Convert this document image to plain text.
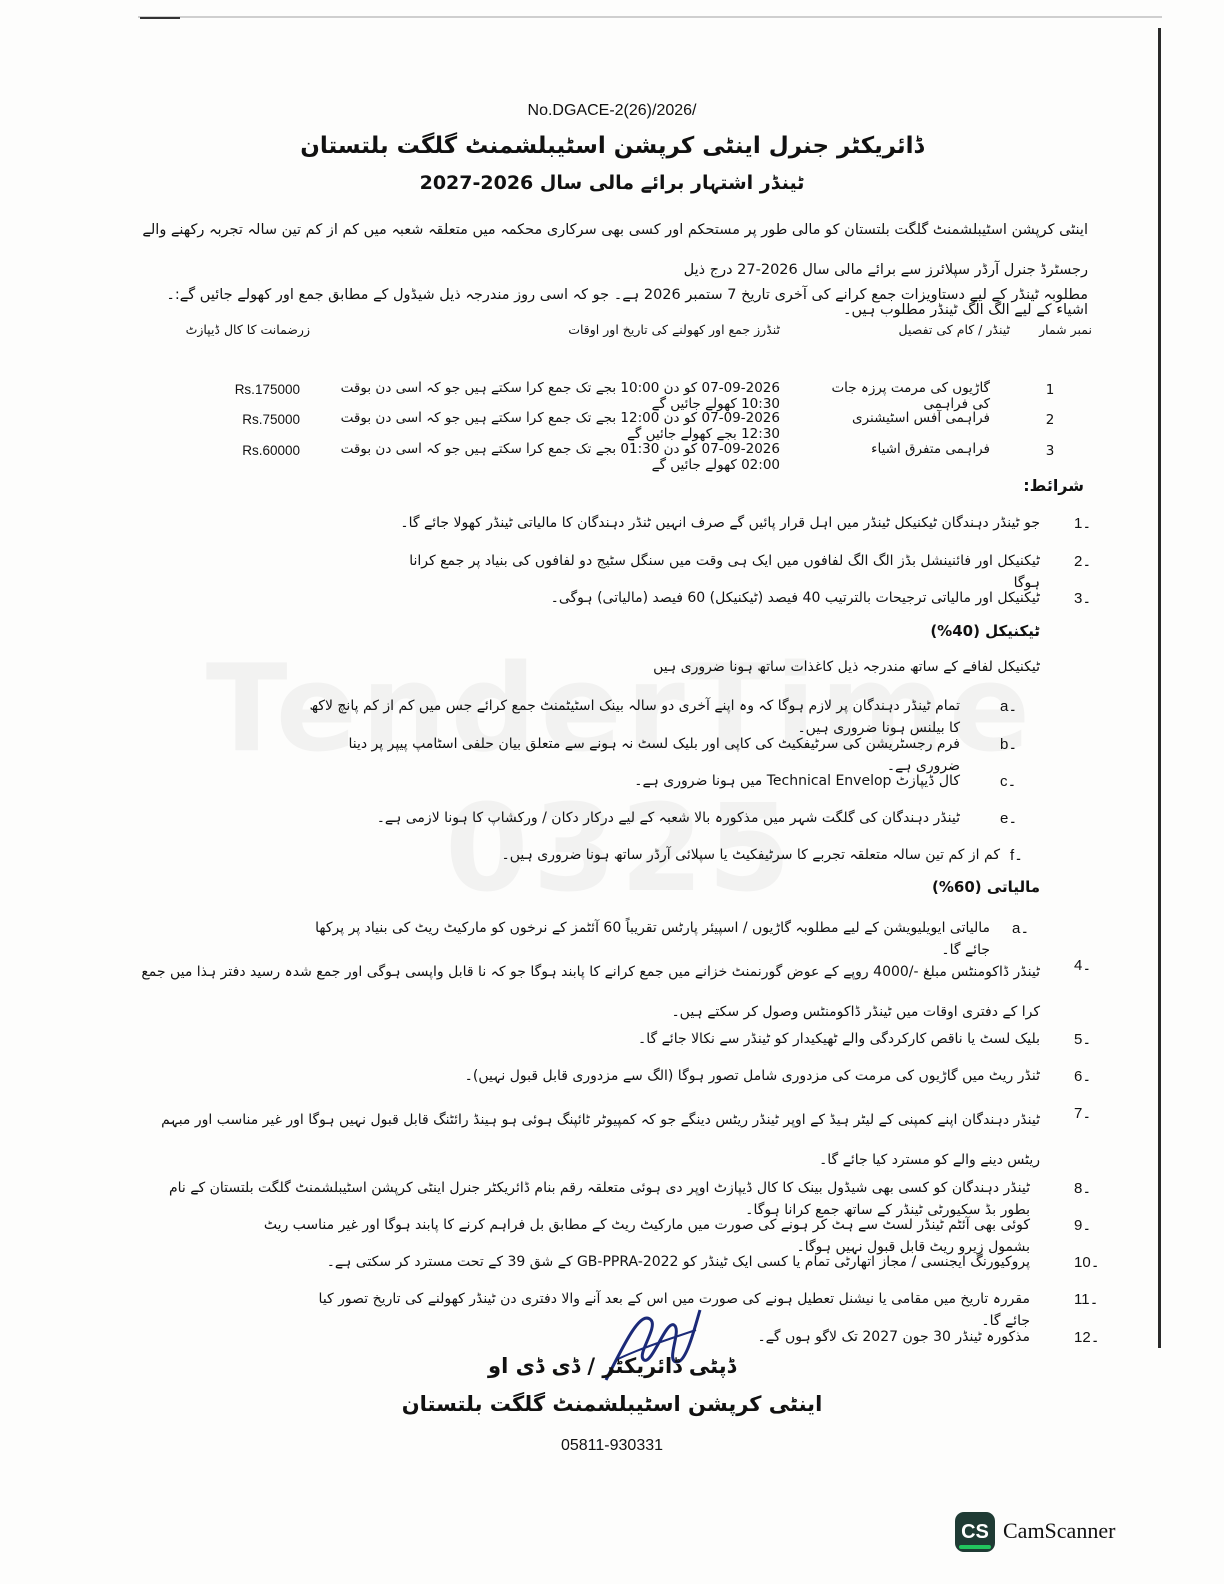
No.DGACE-2(26)/2026/
ڈائریکٹر جنرل اینٹی کرپشن اسٹیبلشمنٹ گلگت بلتستان
ٹینڈر اشتہار برائے مالی سال 2026-2027
اینٹی کرپشن اسٹیبلشمنٹ گلگت بلتستان کو مالی طور پر مستحکم اور کسی بھی سرکاری محکمہ میں متعلقہ شعبہ میں کم از کم تین سالہ تجربہ رکھنے والے رجسٹرڈ جنرل آرڈر سپلائرز سے برائے مالی سال 2026-27 درج ذیل
اشیاء کے لیے الگ الگ ٹینڈر مطلوب ہیں۔
مطلوبہ ٹینڈر کے لیے دستاویزات جمع کرانے کی آخری تاریخ 7 ستمبر 2026 ہے۔ جو کہ اسی روز مندرجہ ذیل شیڈول کے مطابق جمع اور کھولے جائیں گے:۔
نمبر شمار
ٹینڈر / کام کی تفصیل
ٹنڈرز جمع اور کھولنے کی تاریخ اور اوقات
زرضمانت کا کال ڈیپازٹ
1
گاڑیوں کی مرمت پرزہ جات کی فراہمی
07-09-2026 کو دن 10:00 بجے تک جمع کرا سکتے ہیں جو کہ اسی دن بوقت 10:30 کھولے جائیں گے
Rs.175000
2
فراہمی آفس اسٹیشنری
07-09-2026 کو دن 12:00 بجے تک جمع کرا سکتے ہیں جو کہ اسی دن بوقت 12:30 بجے کھولے جائیں گے
Rs.75000
3
فراہمی متفرق اشیاء
07-09-2026 کو دن 01:30 بجے تک جمع کرا سکتے ہیں جو کہ اسی دن بوقت 02:00 کھولے جائیں گے
Rs.60000
شرائط:
1۔
جو ٹینڈر دہندگان ٹیکنیکل ٹینڈر میں اہل قرار پائیں گے صرف انہیں ٹنڈر دہندگان کا مالیاتی ٹینڈر کھولا جائے گا۔
2۔
ٹیکنیکل اور فائنینشل بڈز الگ الگ لفافوں میں ایک ہی وقت میں سنگل سٹیج دو لفافوں کی بنیاد پر جمع کرانا ہوگا
3۔
ٹیکنیکل اور مالیاتی ترجیحات بالترتیب 40 فیصد (ٹیکنیکل) 60 فیصد (مالیاتی) ہوگی۔
ٹیکنیکل (40%)
ٹیکنیکل لفافے کے ساتھ مندرجہ ذیل کاغذات ساتھ ہونا ضروری ہیں
a۔
تمام ٹینڈر دہندگان پر لازم ہوگا کہ وہ اپنے آخری دو سالہ بینک اسٹیٹمنٹ جمع کرائے جس میں کم از کم پانچ لاکھ کا بیلنس ہونا ضروری ہیں۔
b۔
فرم رجسٹریشن کی سرٹیفکیٹ کی کاپی اور بلیک لسٹ نہ ہونے سے متعلق بیان حلفی اسٹامپ پیپر پر دینا ضروری ہے۔
c۔
کال ڈیپازٹ Technical Envelop میں ہونا ضروری ہے۔
e۔
ٹینڈر دہندگان کی گلگت شہر میں مذکورہ بالا شعبہ کے لیے درکار دکان / ورکشاپ کا ہونا لازمی ہے۔
f۔
کم از کم تین سالہ متعلقہ تجربے کا سرٹیفکیٹ یا سپلائی آرڈر ساتھ ہونا ضروری ہیں۔
مالیاتی (60%)
a۔
مالیاتی ایویلیویشن کے لیے مطلوبہ گاڑیوں / اسپیئر پارٹس تقریباً 60 آئٹمز کے نرخوں کو مارکیٹ ریٹ کی بنیاد پر پرکھا جائے گا۔
4۔
ٹینڈر ڈاکومنٹس مبلغ -/4000 روپے کے عوض گورنمنٹ خزانے میں جمع کرانے کا پابند ہوگا جو کہ نا قابل واپسی ہوگی اور جمع شدہ رسید دفتر ہذا میں جمع کرا کے دفتری اوقات میں ٹینڈر ڈاکومنٹس وصول کر سکتے ہیں۔
5۔
بلیک لسٹ یا ناقص کارکردگی والے ٹھیکیدار کو ٹینڈر سے نکالا جائے گا۔
6۔
ٹنڈر ریٹ میں گاڑیوں کی مرمت کی مزدوری شامل تصور ہوگا (الگ سے مزدوری قابل قبول نہیں)۔
7۔
ٹینڈر دہندگان اپنے کمپنی کے لیٹر ہیڈ کے اوپر ٹینڈر ریٹس دینگے جو کہ کمپیوٹر ٹائپنگ ہوئی ہو ہینڈ رائٹنگ قابل قبول نہیں ہوگا اور غیر مناسب اور مبہم ریٹس دینے والے کو مسترد کیا جائے گا۔
8۔
ٹینڈر دہندگان کو کسی بھی شیڈول بینک کا کال ڈیپازٹ اوپر دی ہوئی متعلقہ رقم بنام ڈائریکٹر جنرل اینٹی کرپشن اسٹیبلشمنٹ گلگت بلتستان کے نام بطور بڈ سکیورٹی ٹینڈر کے ساتھ جمع کرانا ہوگا۔
9۔
کوئی بھی آئٹم ٹینڈر لسٹ سے ہٹ کر ہونے کی صورت میں مارکیٹ ریٹ کے مطابق بل فراہم کرنے کا پابند ہوگا اور غیر مناسب ریٹ بشمول زیرو ریٹ قابل قبول نہیں ہوگا۔
10۔
پروکیورنگ ایجنسی / مجاز اتھارٹی تمام یا کسی ایک ٹینڈر کو GB-PPRA-2022 کے شق 39 کے تحت مسترد کر سکتی ہے۔
11۔
مقررہ تاریخ میں مقامی یا نیشنل تعطیل ہونے کی صورت میں اس کے بعد آنے والا دفتری دن ٹینڈر کھولنے کی تاریخ تصور کیا جائے گا۔
12۔
مذکورہ ٹینڈر 30 جون 2027 تک لاگو ہوں گے۔
ڈپٹی ڈائریکٹر / ڈی ڈی او
اینٹی کرپشن اسٹیبلشمنٹ گلگت بلتستان
05811-930331
CS CamScanner
